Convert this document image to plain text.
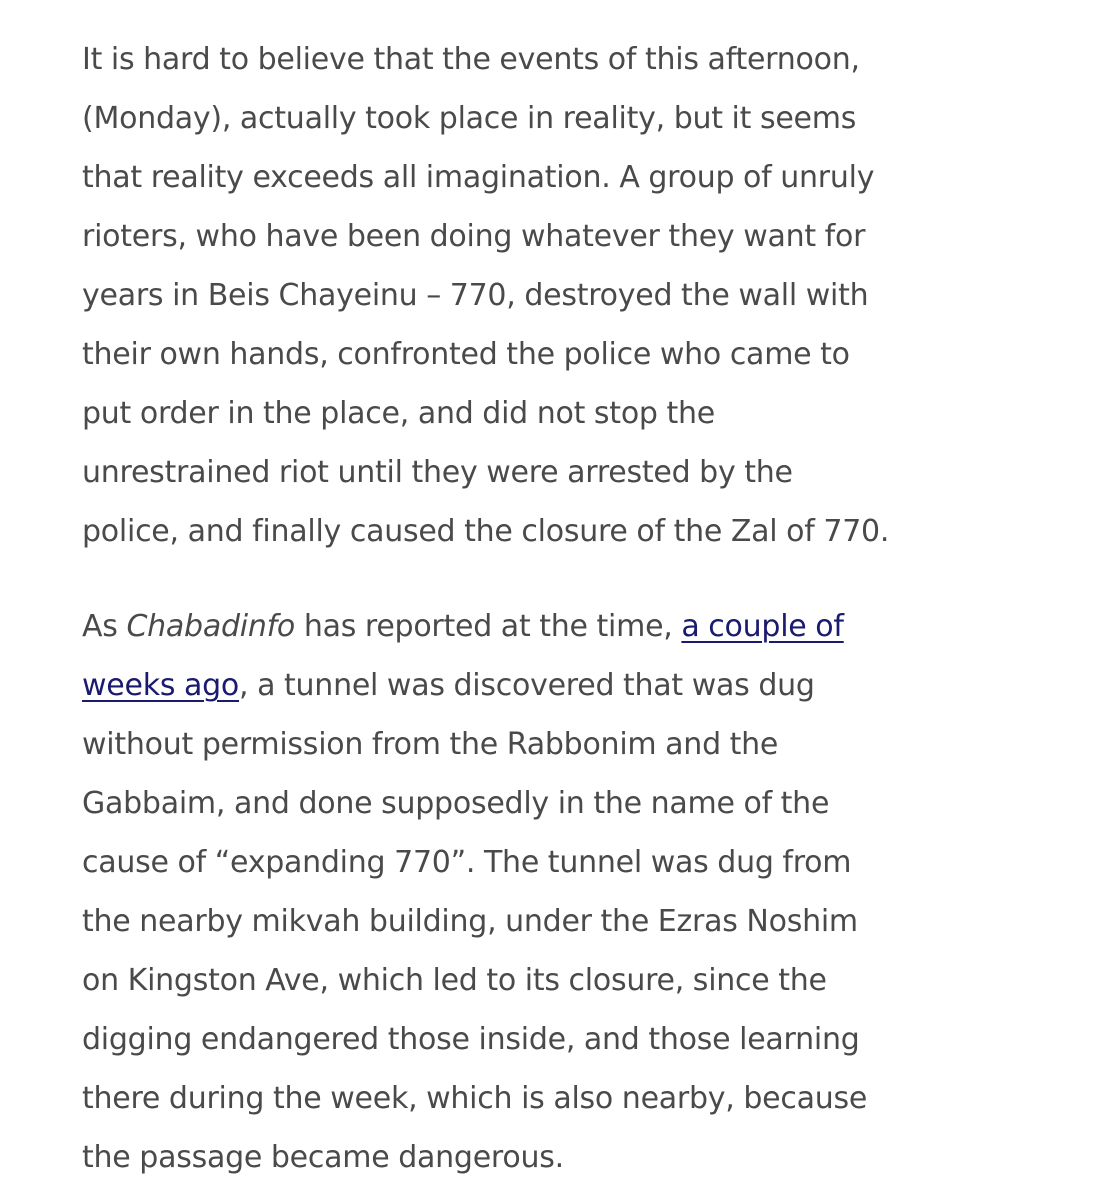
It is hard to believe that the events of this afternoon,
(Monday), actually took place in reality, but it seems
that reality exceeds all imagination. A group of unruly
rioters, who have been doing whatever they want for
years in Beis Chayeinu – 770, destroyed the wall with
their own hands, confronted the police who came to
put order in the place, and did not stop the
unrestrained riot until they were arrested by the
police, and finally caused the closure of the Zal of 770.

As Chabadinfo has reported at the time, a couple of
weeks ago, a tunnel was discovered that was dug
without permission from the Rabbonim and the
Gabbaim, and done supposedly in the name of the
cause of “expanding 770”. The tunnel was dug from
the nearby mikvah building, under the Ezras Noshim
on Kingston Ave, which led to its closure, since the
digging endangered those inside, and those learning
there during the week, which is also nearby, because
the passage became dangerous.
